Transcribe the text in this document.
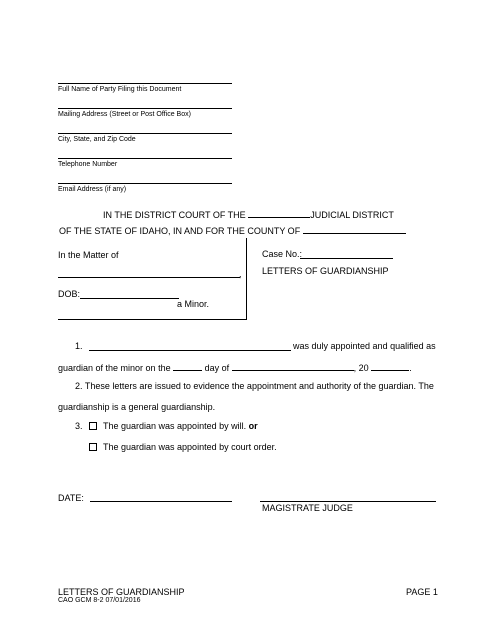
Full Name of Party Filing this Document
Mailing Address (Street or Post Office Box)
City, State, and Zip Code
Telephone Number
Email Address (if any)
IN THE DISTRICT COURT OF THE	JUDICIAL DISTRICT
OF THE STATE OF IDAHO, IN AND FOR THE COUNTY OF
In the Matter of
,
DOB:
a Minor.
Case No.:
LETTERS OF GUARDIANSHIP
1.	was duly appointed and qualified as
guardian of the minor on the	day of	, 20	.
2. These letters are issued to evidence the appointment and authority of the guardian. The
guardianship is a general guardianship.
3. The guardian was appointed by will. or
The guardian was appointed by court order.
DATE:
MAGISTRATE JUDGE
LETTERS OF GUARDIANSHIP
CAO GCM 8-2 07/01/2016
PAGE 1
